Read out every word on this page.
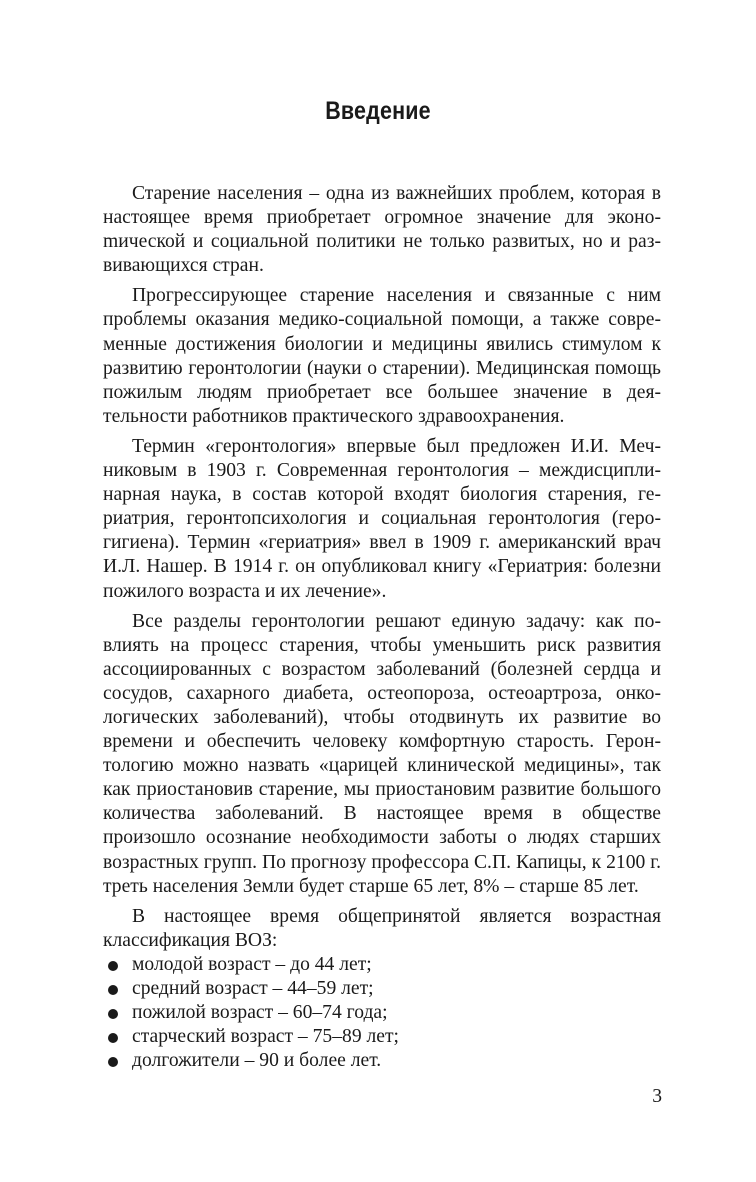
Введение

Старение населения – одна из важнейших проблем, которая в настоящее время приобретает огромное значение для эконоmической и социальной политики не только развитых, но и развивающихся стран.

Прогрессирующее старение населения и связанные с ним проблемы оказания медико-социальной помощи, а также современные достижения биологии и медицины явились стимулом к развитию геронтологии (науки о старении). Медицинская помощь пожилым людям приобретает все большее значение в деятельности работников практического здравоохранения.

Термин «геронтология» впервые был предложен И.И. Мечниковым в 1903 г. Современная геронтология – междисциплинарная наука, в состав которой входят биология старения, гериатрия, геронтопсихология и социальная геронтология (герогигиена). Термин «гериатрия» ввел в 1909 г. американский врач И.Л. Нашер. В 1914 г. он опубликовал книгу «Гериатрия: болезни пожилого возраста и их лечение».

Все разделы геронтологии решают единую задачу: как повлиять на процесс старения, чтобы уменьшить риск развития ассоциированных с возрастом заболеваний (болезней сердца и сосудов, сахарного диабета, остеопороза, остеоартроза, онкологических заболеваний), чтобы отодвинуть их развитие во времени и обеспечить человеку комфортную старость. Геронтологию можно назвать «царицей клинической медицины», так как приостановив старение, мы приостановим развитие большого количества заболеваний. В настоящее время в обществе произошло осознание необходимости заботы о людях старших возрастных групп. По прогнозу профессора С.П. Капицы, к 2100 г. треть населения Земли будет старше 65 лет, 8% – старше 85 лет.

В настоящее время общепринятой является возрастная классификация ВОЗ:

молодой возраст – до 44 лет;
средний возраст – 44–59 лет;
пожилой возраст – 60–74 года;
старческий возраст – 75–89 лет;
долгожители – 90 и более лет.
3
